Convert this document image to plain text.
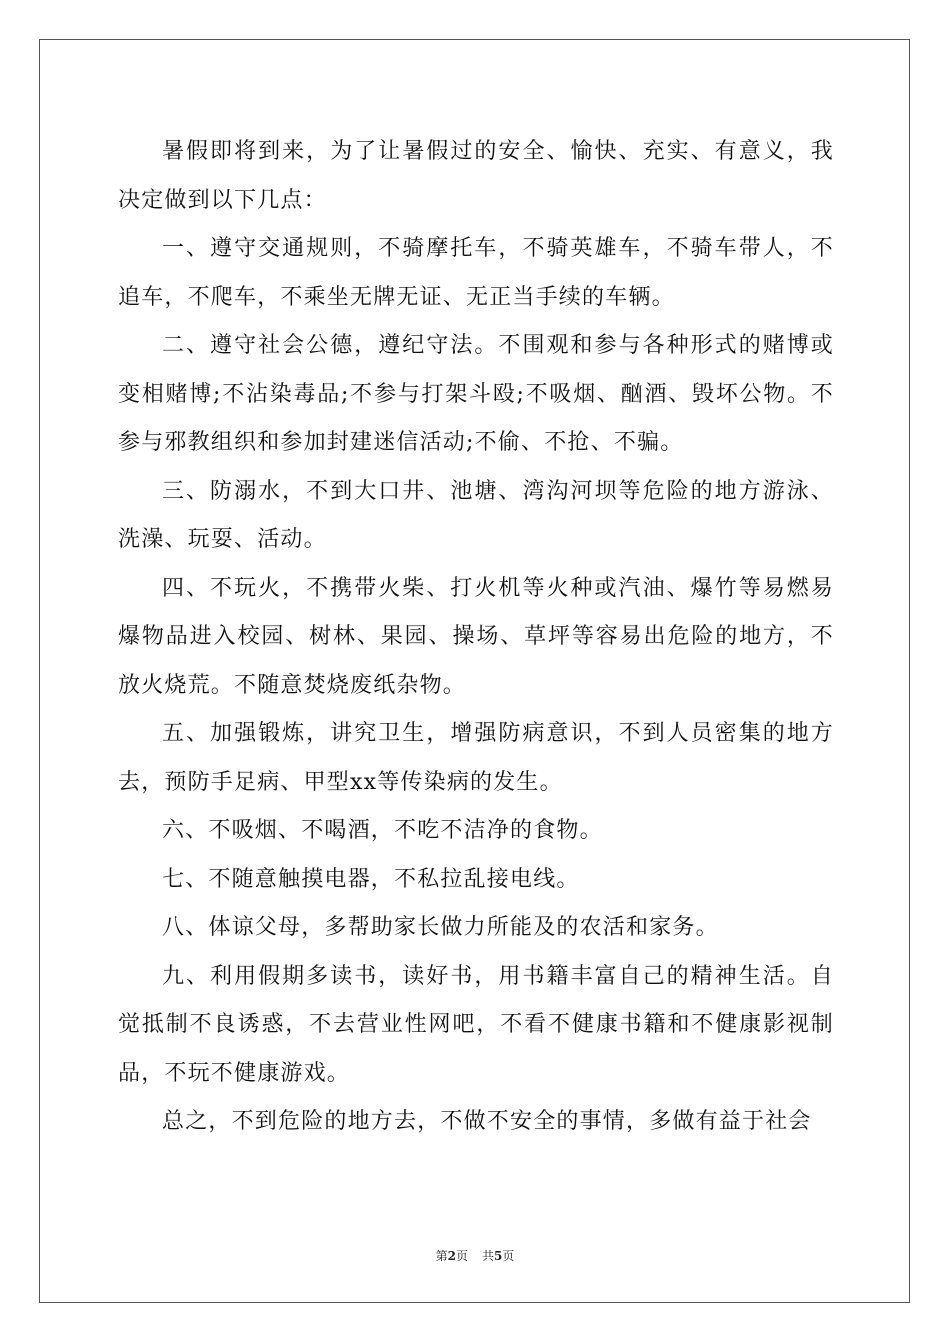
暑假即将到来，为了让暑假过的安全、愉快、充实、有意义，我决定做到以下几点：

一、遵守交通规则，不骑摩托车，不骑英雄车，不骑车带人，不追车，不爬车，不乘坐无牌无证、无正当手续的车辆。

二、遵守社会公德，遵纪守法。不围观和参与各种形式的赌博或变相赌博;不沾染毒品;不参与打架斗殴;不吸烟、酗酒、毁坏公物。不参与邪教组织和参加封建迷信活动;不偷、不抢、不骗。

三、防溺水，不到大口井、池塘、湾沟河坝等危险的地方游泳、洗澡、玩耍、活动。

四、不玩火，不携带火柴、打火机等火种或汽油、爆竹等易燃易爆物品进入校园、树林、果园、操场、草坪等容易出危险的地方，不放火烧荒。不随意焚烧废纸杂物。

五、加强锻炼，讲究卫生，增强防病意识，不到人员密集的地方去，预防手足病、甲型xx等传染病的发生。

六、不吸烟、不喝酒，不吃不洁净的食物。

七、不随意触摸电器，不私拉乱接电线。

八、体谅父母，多帮助家长做力所能及的农活和家务。

九、利用假期多读书，读好书，用书籍丰富自己的精神生活。自觉抵制不良诱惑，不去营业性网吧，不看不健康书籍和不健康影视制品，不玩不健康游戏。

总之，不到危险的地方去，不做不安全的事情，多做有益于社会

第2页 共5页
